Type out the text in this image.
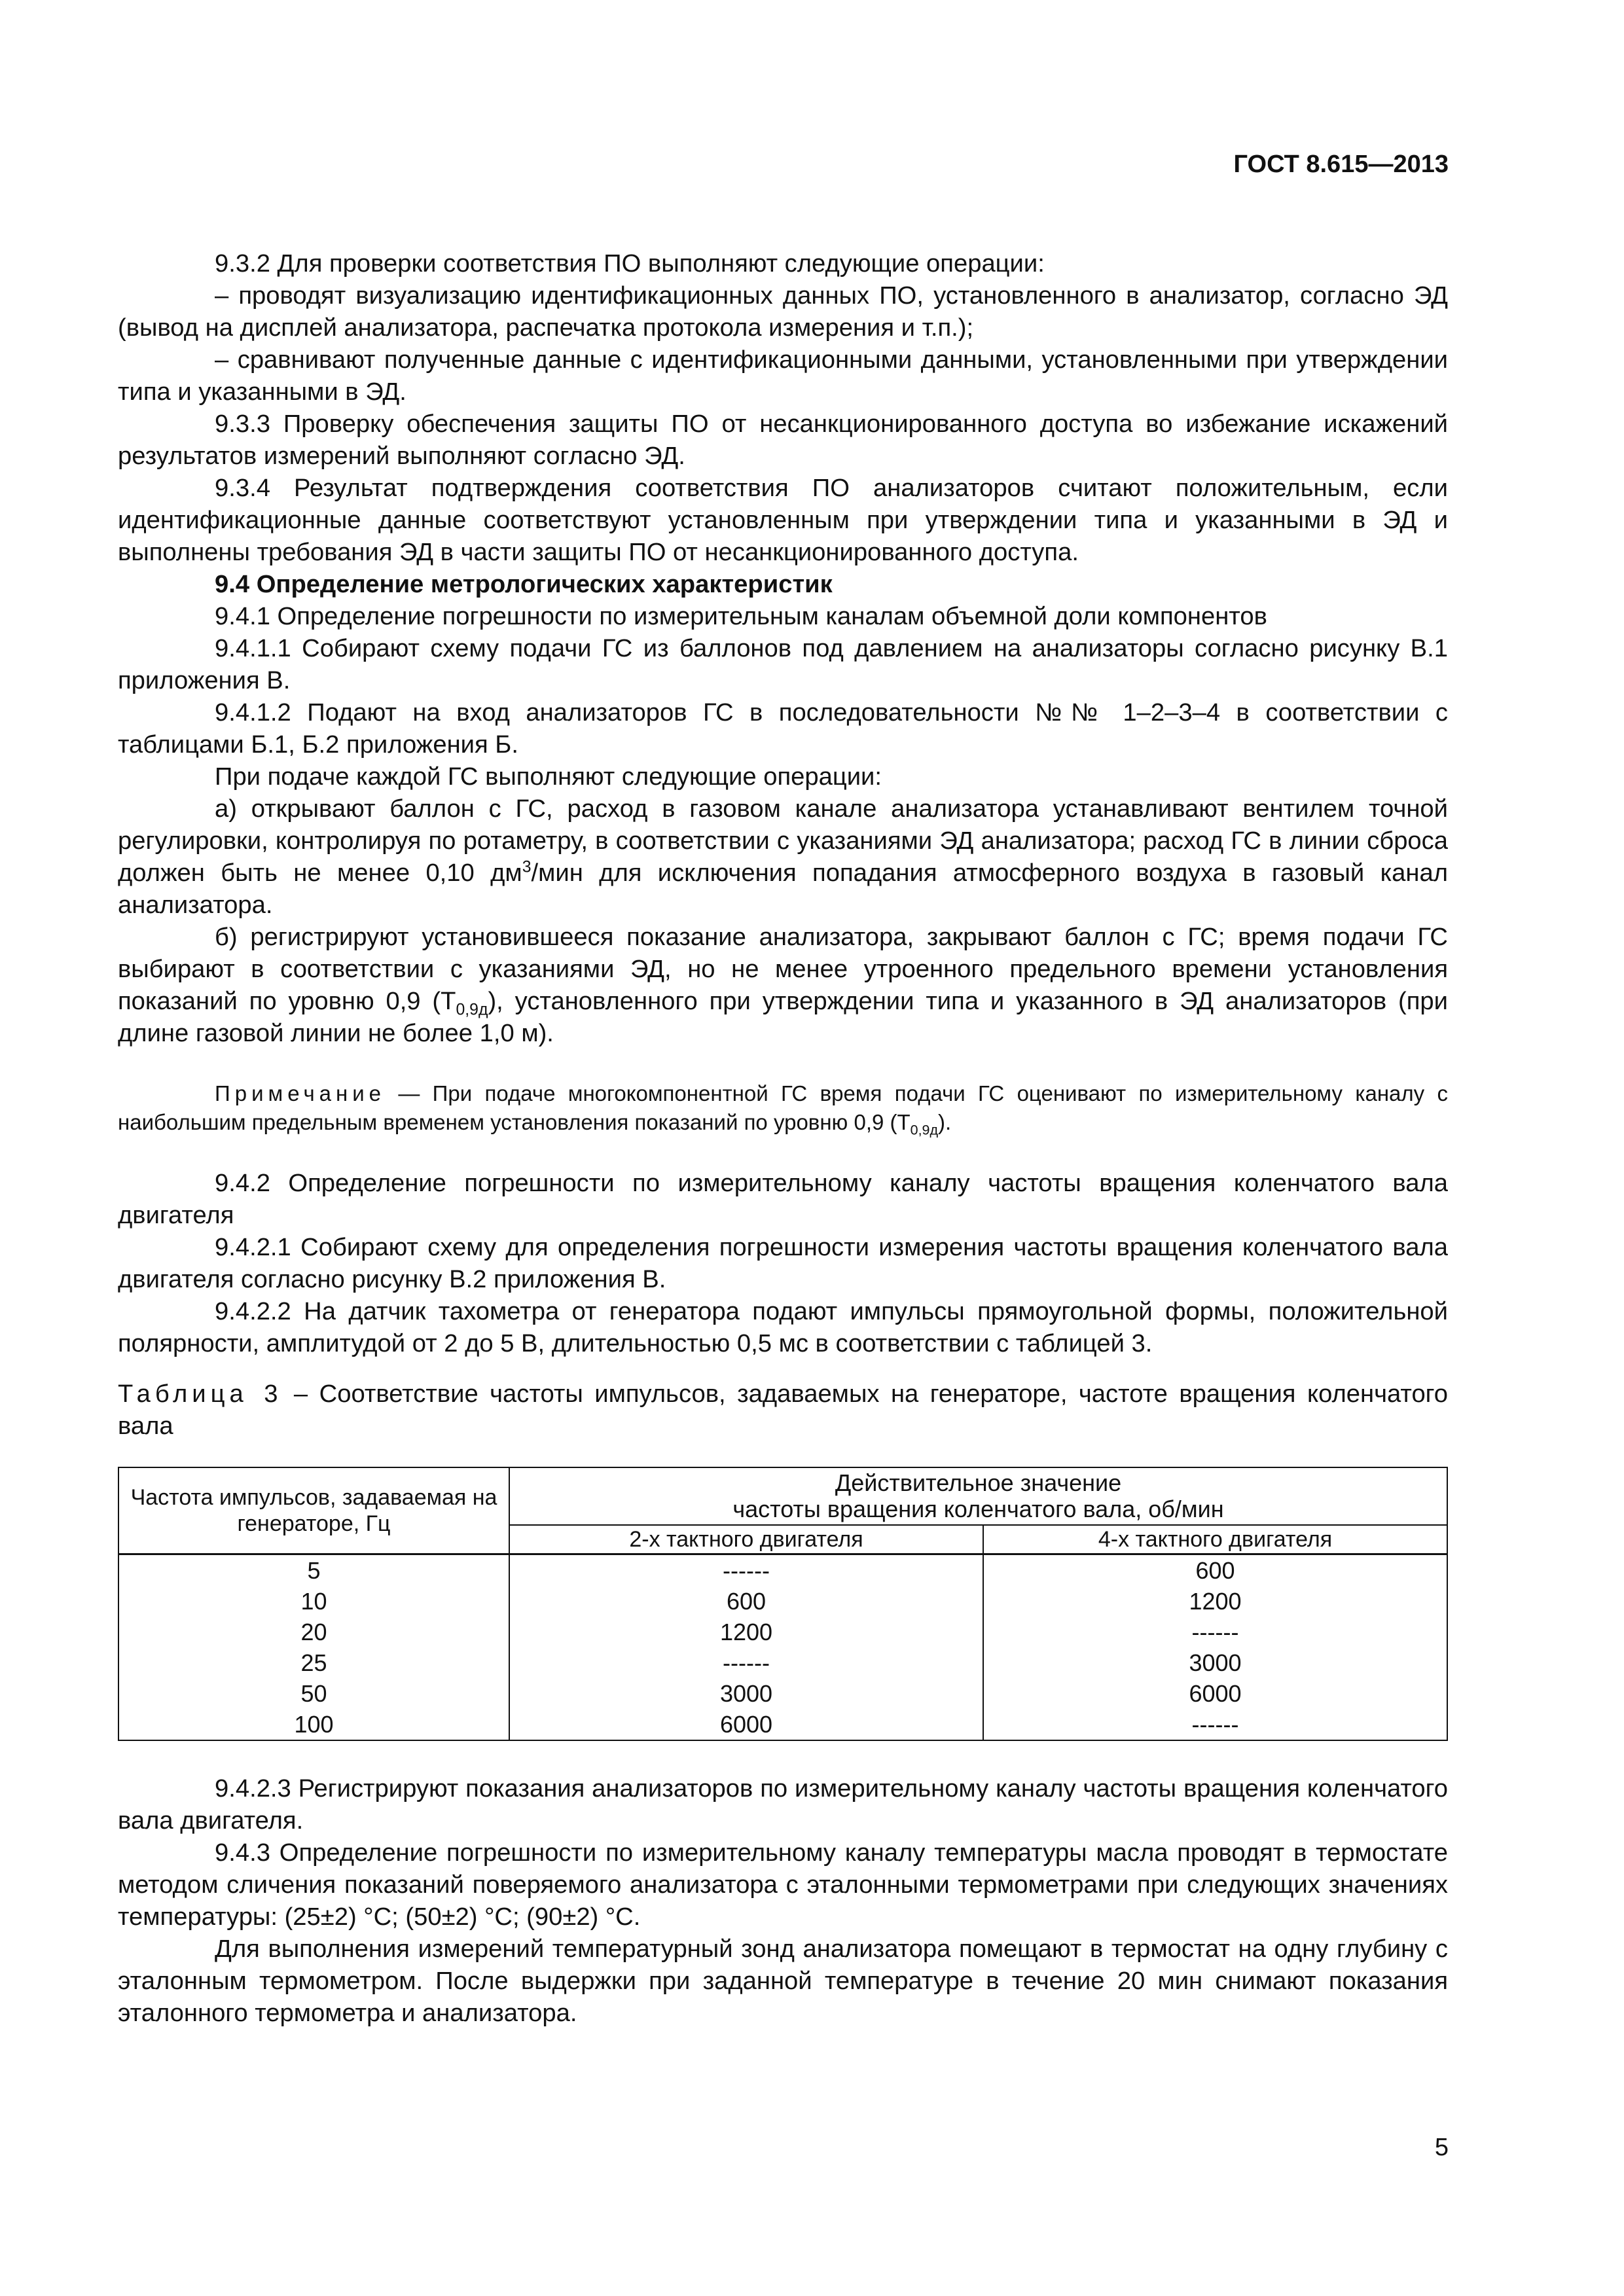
ГОСТ 8.615—2013

9.3.2 Для проверки соответствия ПО выполняют следующие операции:

– проводят визуализацию идентификационных данных ПО, установленного в анализатор, согласно ЭД (вывод на дисплей анализатора, распечатка протокола измерения и т.п.);

– сравнивают полученные данные с идентификационными данными, установленными при утверждении типа и указанными в ЭД.

9.3.3 Проверку обеспечения защиты ПО от несанкционированного доступа во избежание искажений результатов измерений выполняют согласно ЭД.

9.3.4 Результат подтверждения соответствия ПО анализаторов считают положительным, если идентификационные данные соответствуют установленным при утверждении типа и указанными в ЭД и выполнены требования ЭД в части защиты ПО от несанкционированного доступа.

9.4 Определение метрологических характеристик

9.4.1 Определение погрешности по измерительным каналам объемной доли компонентов

9.4.1.1 Собирают схему подачи ГС из баллонов под давлением на анализаторы согласно рисунку В.1 приложения В.

9.4.1.2 Подают на вход анализаторов ГС в последовательности №№ 1–2–3–4 в соответствии с таблицами Б.1, Б.2 приложения Б.

При подаче каждой ГС выполняют следующие операции:

а) открывают баллон с ГС, расход в газовом канале анализатора устанавливают вентилем точной регулировки, контролируя по ротаметру, в соответствии с указаниями ЭД анализатора; расход ГС в линии сброса должен быть не менее 0,10 $дм^3$/мин для исключения попадания атмосферного воздуха в газовый канал анализатора.

б) регистрируют установившееся показание анализатора, закрывают баллон с ГС; время подачи ГС выбирают в соответствии с указаниями ЭД, но не менее утроенного предельного времени установления показаний по уровню 0,9 $(Т_{0,9д})$, установленного при утверждении типа и указанного в ЭД анализаторов (при длине газовой линии не более 1,0 м).

Примечание — При подаче многокомпонентной ГС время подачи ГС оценивают по измерительному каналу с наибольшим предельным временем установления показаний по уровню 0,9 $(Т_{0,9д})$.

9.4.2 Определение погрешности по измерительному каналу частоты вращения коленчатого вала двигателя

9.4.2.1 Собирают схему для определения погрешности измерения частоты вращения коленчатого вала двигателя согласно рисунку В.2 приложения В.

9.4.2.2 На датчик тахометра от генератора подают импульсы прямоугольной формы, положительной полярности, амплитудой от 2 до 5 В, длительностью 0,5 мс в соответствии с таблицей 3.

Таблица 3 – Соответствие частоты импульсов, задаваемых на генераторе, частоте вращения коленчатого вала

Частота импульсов, задаваемая на генераторе, Гц	Действительное значение
частоты вращения коленчатого вала, об/мин	
	2-х тактного двигателя	4-х тактного двигателя
5	------	600
10	600	1200
20	1200	------
25	------	3000
50	3000	6000
100	6000	------

9.4.2.3 Регистрируют показания анализаторов по измерительному каналу частоты вращения коленчатого вала двигателя.

9.4.3 Определение погрешности по измерительному каналу температуры масла проводят в термостате методом сличения показаний поверяемого анализатора с эталонными термометрами при следующих значениях температуры: (25±2) °С; (50±2) °С; (90±2) °С.

Для выполнения измерений температурный зонд анализатора помещают в термостат на одну глубину с эталонным термометром. После выдержки при заданной температуре в течение 20 мин снимают показания эталонного термометра и анализатора.

5
